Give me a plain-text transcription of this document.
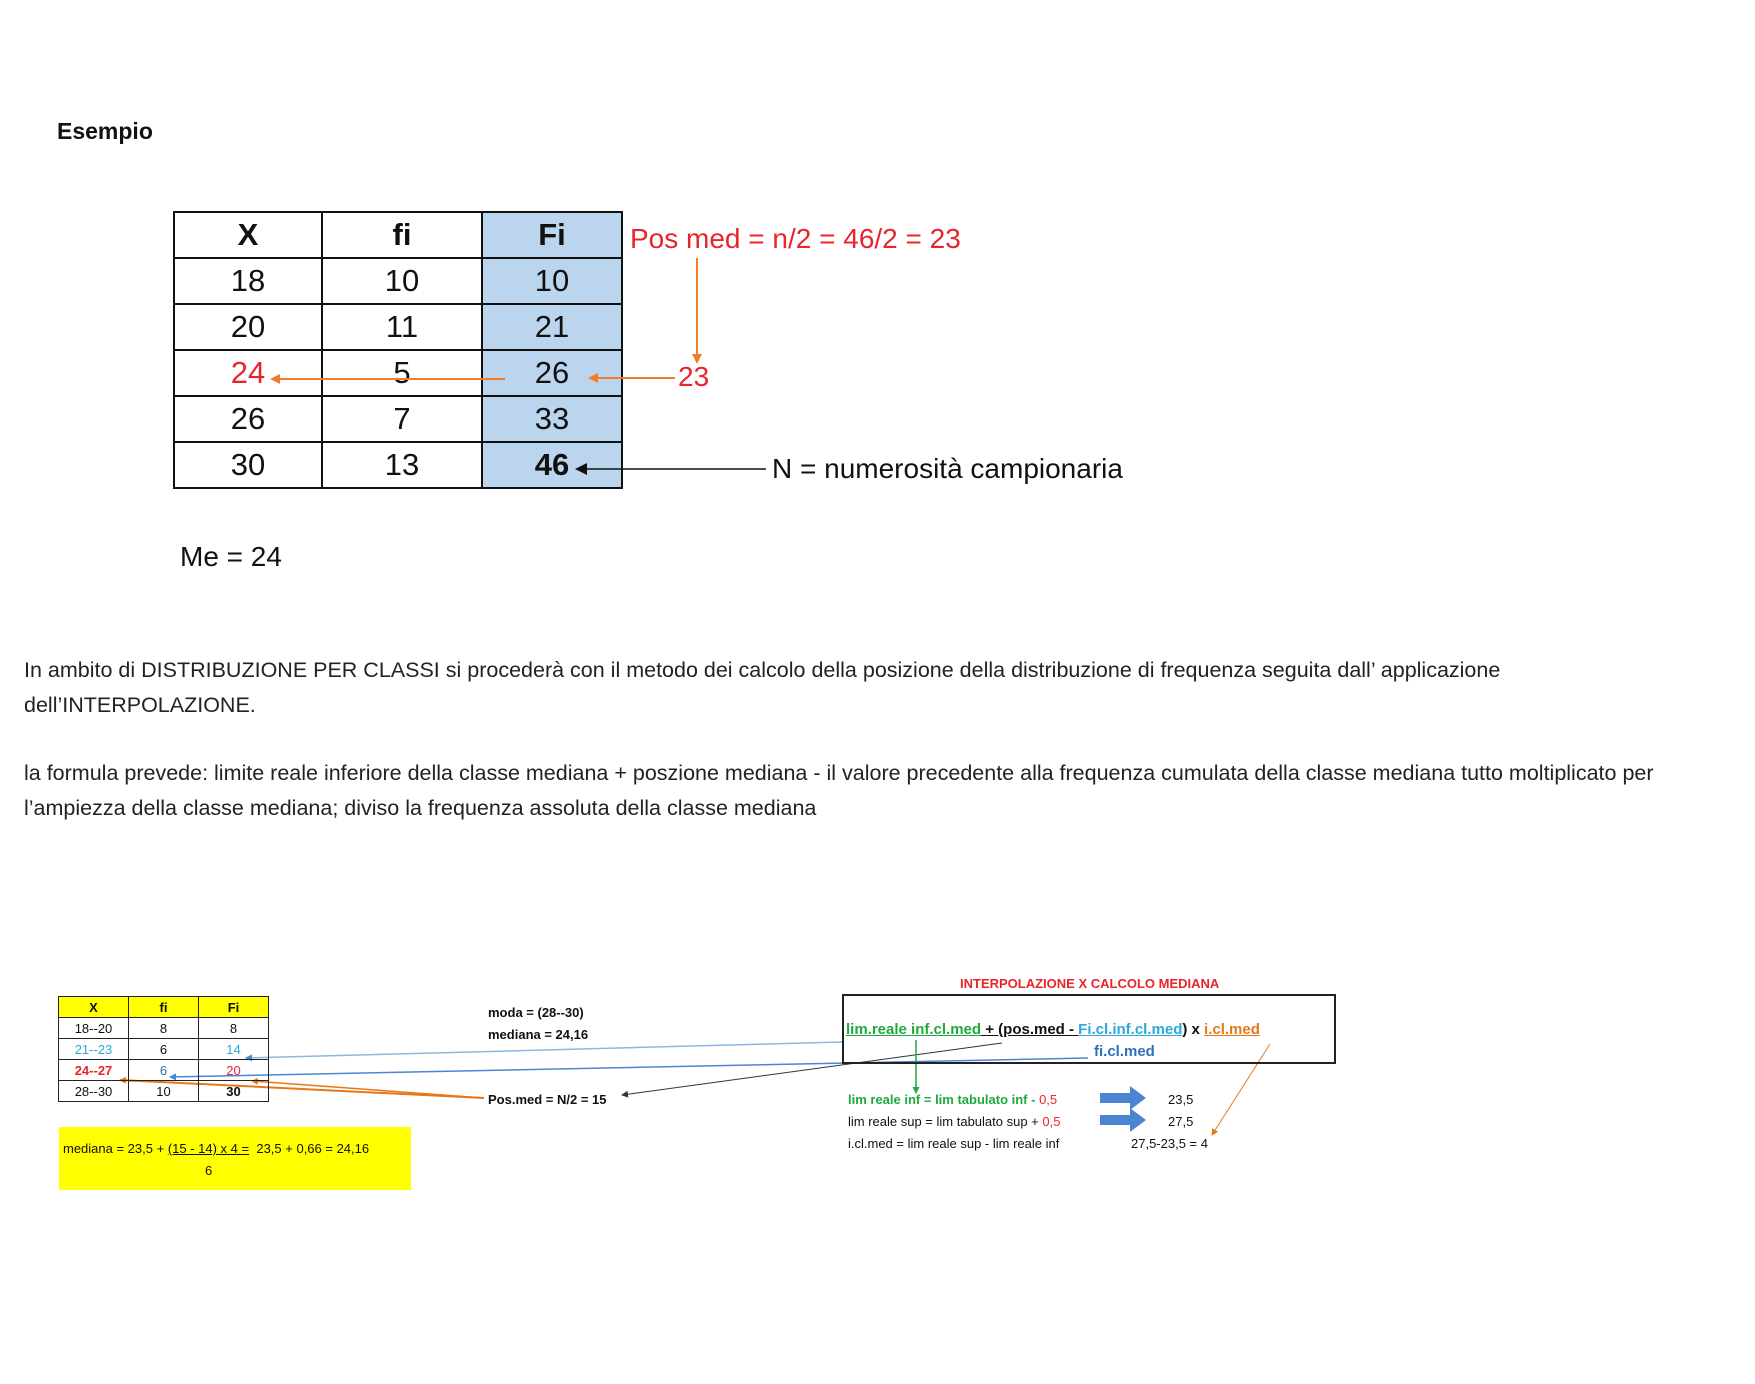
Esempio
X	fi	Fi
18	10	10
20	11	21
24	5	26
26	7	33
30	13	46
Pos med = n/2 = 46/2 = 23
23
N = numerosità campionaria
Me = 24
In ambito di DISTRIBUZIONE PER CLASSI si procederà con il metodo dei calcolo della posizione della distribuzione di frequenza seguita dall’ applicazione dell’INTERPOLAZIONE.
la formula prevede: limite reale inferiore della classe mediana + poszione mediana - il valore precedente alla frequenza cumulata della classe mediana tutto moltiplicato per l’ampiezza della classe mediana; diviso la frequenza assoluta della classe mediana
X	fi	Fi
18--20	8	8
21--23	6	14
24--27	6	20
28--30	10	30
moda = (28--30)
mediana = 24,16
Pos.med = N/2 = 15
mediana = 23,5 + (15 - 14) x 4 = 23,5 + 0,66 = 24,16
6
INTERPOLAZIONE X CALCOLO MEDIANA
lim.reale inf.cl.med + (pos.med - Fi.cl.inf.cl.med) x i.cl.med
fi.cl.med
lim reale inf = lim tabulato inf - 0,5	23,5
lim reale sup = lim tabulato sup + 0,5	27,5
i.cl.med = lim reale sup - lim reale inf	27,5-23,5 = 4
